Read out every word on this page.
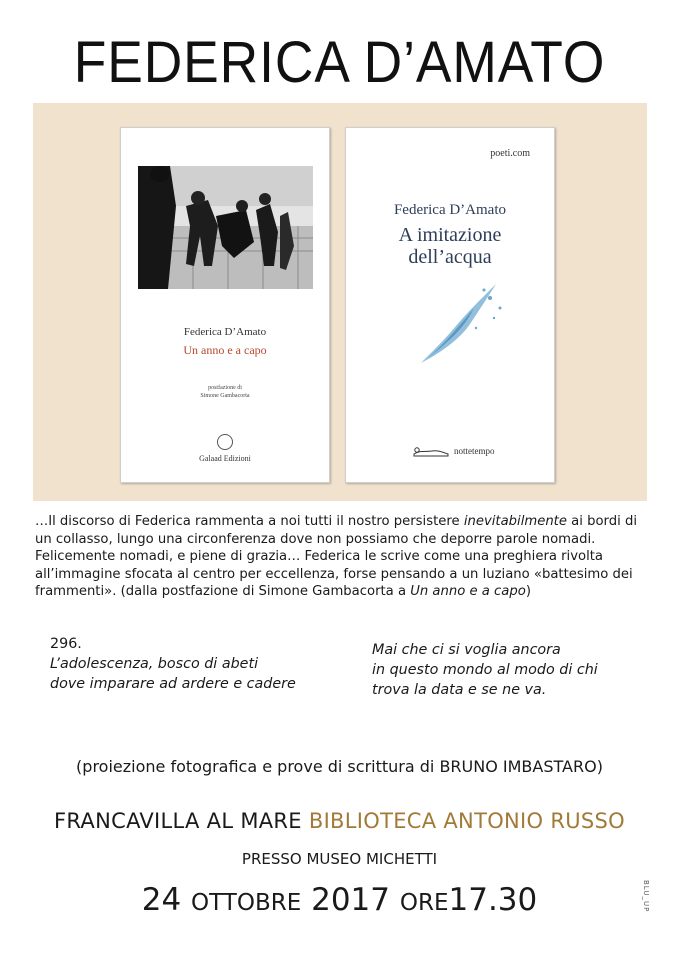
FEDERICA D’AMATO
Federica D’Amato
Un anno e a capo
postfazione di
Simone Gambacorta
Galaad Edizioni
poeti.com
Federica D’Amato
A imitazione
dell’acqua
nottetempo

…Il discorso di Federica rammenta a noi tutti il nostro persistere inevitabilmente ai bordi di un collasso, lungo una circonferenza dove non possiamo che deporre parole nomadi. Felicemente nomadi, e piene di grazia… Federica le scrive come una preghiera rivolta all’immagine sfocata al centro per eccellenza, forse pensando a un luziano «battesimo dei frammenti». (dalla postfazione di Simone Gambacorta a Un anno e a capo)

296.
L’adolescenza, bosco di abeti
dove imparare ad ardere e cadere
Mai che ci si voglia ancora
in questo mondo al modo di chi
trova la data e se ne va.
(proiezione fotografica e prove di scrittura di BRUNO IMBASTARO)
FRANCAVILLA AL MARE BIBLIOTECA ANTONIO RUSSO
PRESSO MUSEO MICHETTI
24 OTTOBRE 2017 ORE17.30	BLU_UP
